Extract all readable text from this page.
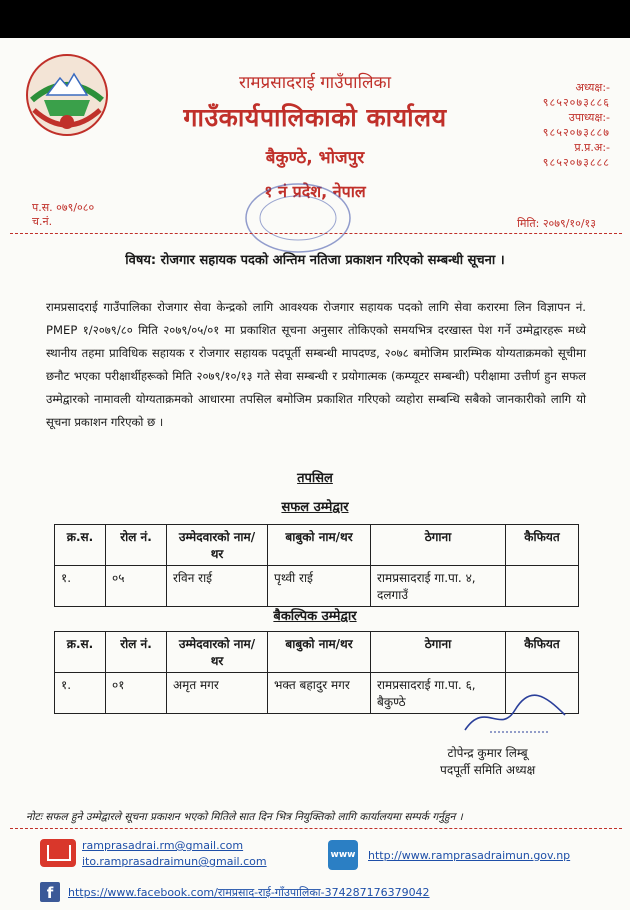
रामप्रसादराई गाउँपालिका
गाउँकार्यपालिकाको कार्यालय
बैकुण्ठे, भोजपुर
१ नं प्रदेश, नेपाल
अध्यक्ष:-
९८५२०७३८८६
उपाध्यक्ष:-
९८५२०७३८८७
प्र.प्र.अ:-
९८५२०७३८८८
प.स. ०७९/०८०
च.नं.	मिति: २०७९/१०/१३
विषय: रोजगार सहायक पदको अन्तिम नतिजा प्रकाशन गरिएको सम्बन्धी सूचना ।
रामप्रसादराई गाउँपालिका रोजगार सेवा केन्द्रको लागि आवश्यक रोजगार सहायक पदको लागि सेवा करारमा लिन विज्ञापन नं. PMEP १/२०७९/८० मिति २०७९/०५/०१ मा प्रकाशित सूचना अनुसार तोकिएको समयभित्र दरखास्त पेश गर्ने उम्मेद्वारहरू मध्ये स्थानीय तहमा प्राविधिक सहायक र रोजगार सहायक पदपूर्ती सम्बन्धी मापदण्ड, २०७८ बमोजिम प्रारम्भिक योग्यताक्रमको सूचीमा छनौट भएका परीक्षार्थीहरूको मिति २०७९/१०/१३ गते सेवा सम्बन्धी र प्रयोगात्मक (कम्प्यूटर सम्बन्धी) परीक्षामा उत्तीर्ण हुन सफल उम्मेद्वारको नामावली योग्यताक्रमको आधारमा तपसिल बमोजिम प्रकाशित गरिएको व्यहोरा सम्बन्धि सबैको जानकारीको लागि यो सूचना प्रकाशन गरिएको छ ।
तपसिल
सफल उम्मेद्वार
क्र.स.	रोल नं.	उम्मेदवारको नाम/थर	बाबुको नाम/थर	ठेगाना	कैफियत
१.	०५	रविन राई	पृथ्वी राई	रामप्रसादराई गा.पा. ४, दलगाउँ	
बैकल्पिक उम्मेद्वार
क्र.स.	रोल नं.	उम्मेदवारको नाम/थर	बाबुको नाम/थर	ठेगाना	कैफियत
१.	०१	अमृत मगर	भक्त बहादुर मगर	रामप्रसादराई गा.पा. ६, बैकुण्ठे	
टोपेन्द्र कुमार लिम्बू
पदपूर्ती समिति अध्यक्ष
नोटः सफल हुने उम्मेद्वारले सूचना प्रकाशन भएको मितिले सात दिन भित्र नियुक्तिको लागि कार्यालयमा सम्पर्क गर्नुहुन ।
ramprasadrai.rm@gmail.com
ito.ramprasadraimun@gmail.com	www http://www.ramprasadraimun.gov.np
f	https://www.facebook.com/रामप्रसाद-राई-गाँउपालिका-374287176379042
